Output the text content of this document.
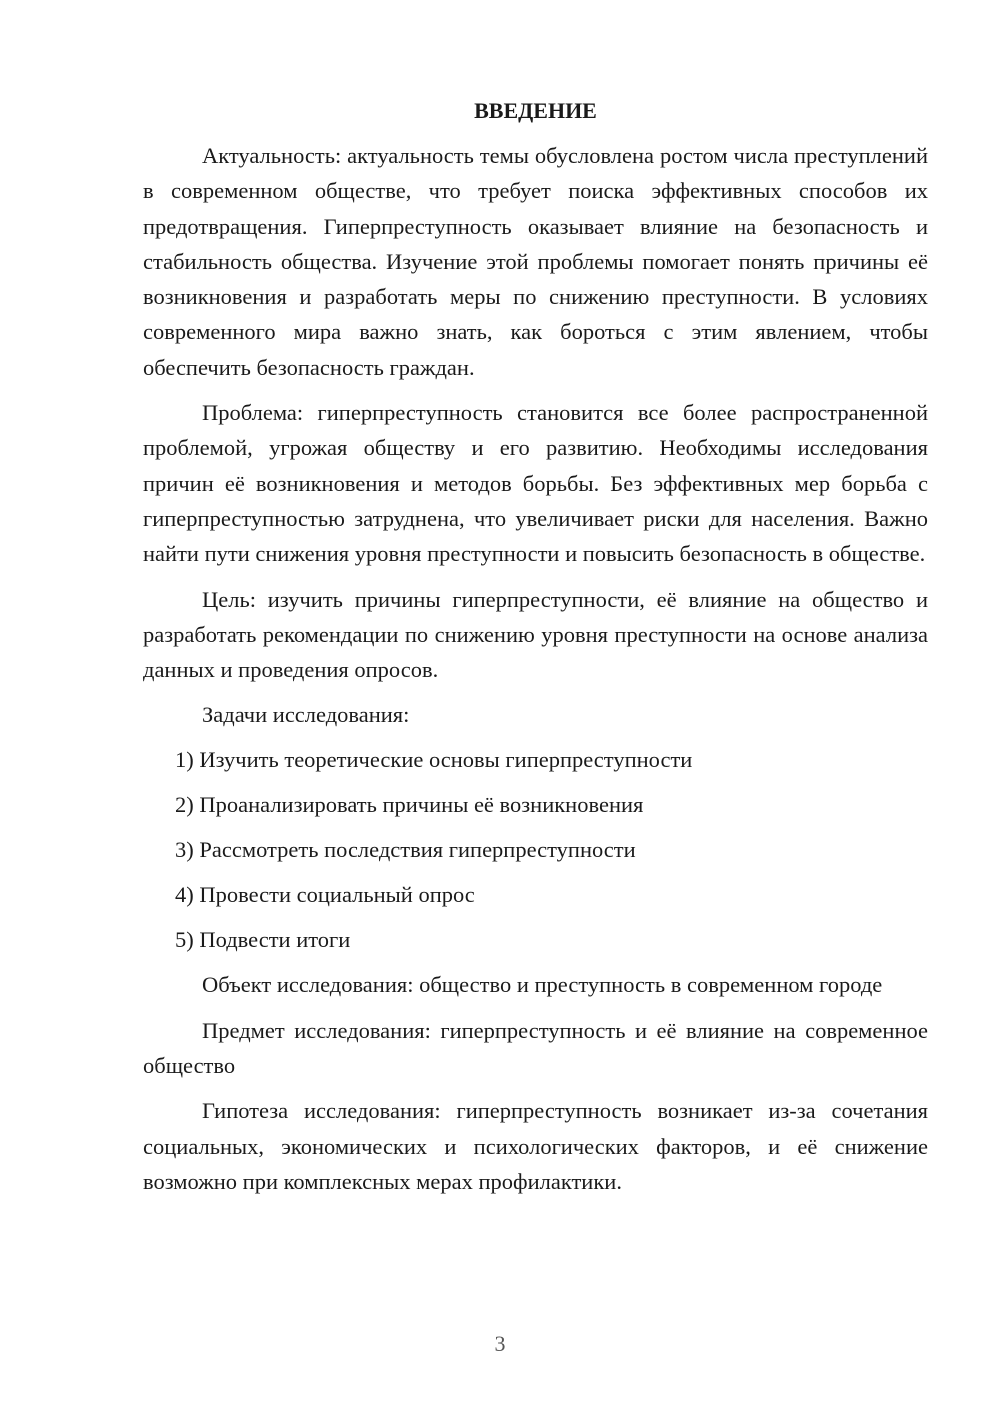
ВВЕДЕНИЕ

Актуальность: актуальность темы обусловлена ростом числа преступлений в современном обществе, что требует поиска эффективных способов их предотвращения. Гиперпреступность оказывает влияние на безопасность и стабильность общества. Изучение этой проблемы помогает понять причины её возникновения и разработать меры по снижению преступности. В условиях современного мира важно знать, как бороться с этим явлением, чтобы обеспечить безопасность граждан.

Проблема: гиперпреступность становится все более распространенной проблемой, угрожая обществу и его развитию. Необходимы исследования причин её возникновения и методов борьбы. Без эффективных мер борьба с гиперпреступностью затруднена, что увеличивает риски для населения. Важно найти пути снижения уровня преступности и повысить безопасность в обществе.

Цель: изучить причины гиперпреступности, её влияние на общество и разработать рекомендации по снижению уровня преступности на основе анализа данных и проведения опросов.

Задачи исследования:

1) Изучить теоретические основы гиперпреступности
2) Проанализировать причины её возникновения
3) Рассмотреть последствия гиперпреступности
4) Провести социальный опрос
5) Подвести итоги

Объект исследования: общество и преступность в современном городе

Предмет исследования: гиперпреступность и её влияние на современное общество

Гипотеза исследования: гиперпреступность возникает из-за сочетания социальных, экономических и психологических факторов, и её снижение возможно при комплексных мерах профилактики.

3
